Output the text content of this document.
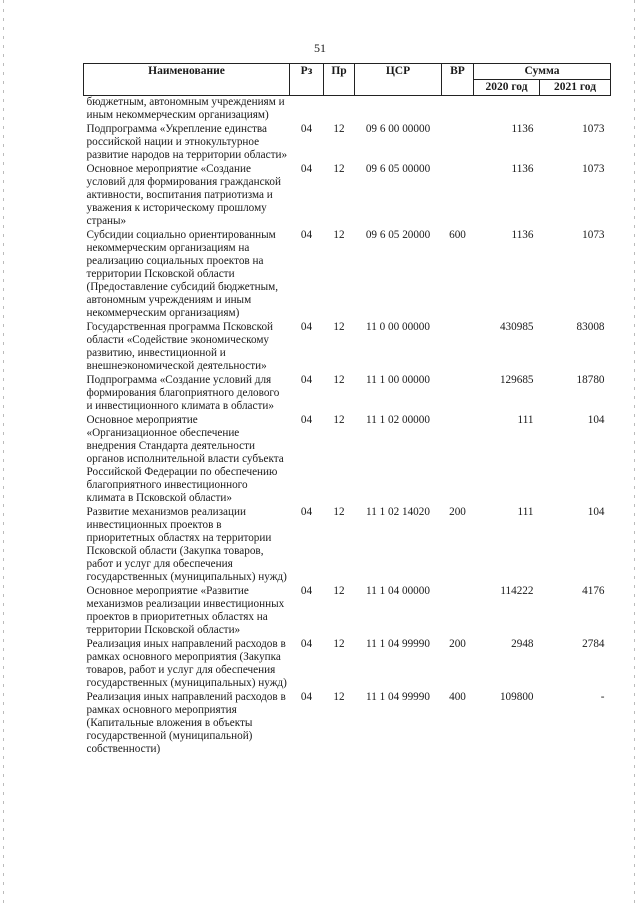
51
Наименование	Рз	Пр	ЦСР	ВР	Сумма	
					2020 год	2021 год
бюджетным, автономным учреждениям и иным некоммерческим организациям)						
Подпрограмма «Укрепление единства российской нации и этнокультурное развитие народов на территории области»	04	12	09 6 00 00000		1136	1073
Основное мероприятие «Создание условий для формирования гражданской активности, воспитания патриотизма и уважения к историческому прошлому страны»	04	12	09 6 05 00000		1136	1073
Субсидии социально ориентированным некоммерческим организациям на реализацию социальных проектов на территории Псковской области (Предоставление субсидий бюджетным, автономным учреждениям и иным некоммерческим организациям)	04	12	09 6 05 20000	600	1136	1073
Государственная программа Псковской области «Содействие экономическому развитию, инвестиционной и внешнеэкономической деятельности»	04	12	11 0 00 00000		430985	83008
Подпрограмма «Создание условий для формирования благоприятного делового и инвестиционного климата в области»	04	12	11 1 00 00000		129685	18780
Основное мероприятие «Организационное обеспечение внедрения Стандарта деятельности органов исполнительной власти субъекта Российской Федерации по обеспечению благоприятного инвестиционного климата в Псковской области»	04	12	11 1 02 00000		111	104
Развитие механизмов реализации инвестиционных проектов в приоритетных областях на территории Псковской области (Закупка товаров, работ и услуг для обеспечения государственных (муниципальных) нужд)	04	12	11 1 02 14020	200	111	104
Основное мероприятие «Развитие механизмов реализации инвестиционных проектов в приоритетных областях на территории Псковской области»	04	12	11 1 04 00000		114222	4176
Реализация иных направлений расходов в рамках основного мероприятия (Закупка товаров, работ и услуг для обеспечения государственных (муниципальных) нужд)	04	12	11 1 04 99990	200	2948	2784
Реализация иных направлений расходов в рамках основного мероприятия (Капитальные вложения в объекты государственной (муниципальной) собственности)	04	12	11 1 04 99990	400	109800	-
